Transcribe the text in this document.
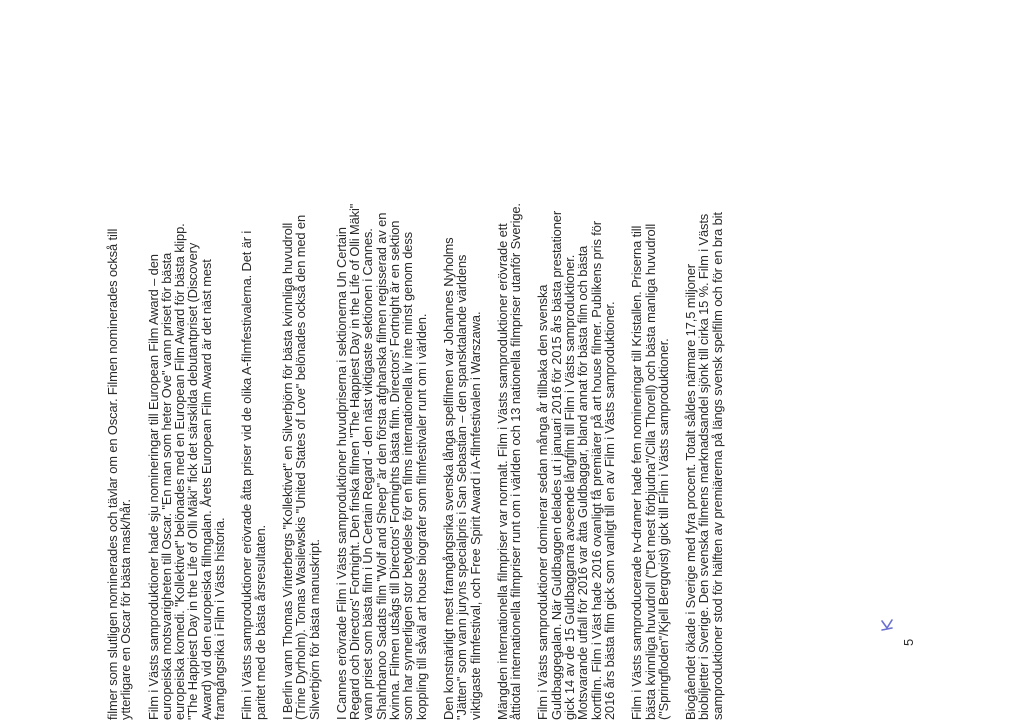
filmer som slutligen nominerades och tävlar om en Oscar. Filmen nominerades också till
ytterligare en Oscar för bästa mask/hår.

Film i Västs samproduktioner hade sju nomineringar till European Film Award – den
europeiska motsvarigheten till Oscar. "En man som heter Ove" vann priset för bästa
europeiska komedi. "Kollektivet" belönades med en European Film Award för bästa klipp.
"The Happiest Day in the Life of Olli Mäki" fick det särskilda debutantpriset (Discovery
Award) vid den europeiska fillmgalan. Årets European Film Award är det näst mest
framgångsrika i Film i Västs historia.

Film i Västs samproduktioner erövrade åtta priser vid de olika A-filmfestivalerna. Det är i
paritet med de bästa årsresultaten.

I Berlin vann Thomas Vinterbergs "Kollektivet" en Silverbjörn för bästa kvinnliga huvudroll
(Trine Dyrholm). Tomas Wasilewskis "United States of Love" belönades också den med en
Silverbjörn för bästa manuskript.

I Cannes erövrade Film i Västs samproduktioner huvudpriserna i sektionerna Un Certain
Regard och Directors' Fortnight. Den finska filmen "The Happiest Day in the Life of Olli Mäki"
vann priset som bästa film i Un Certain Regard - den näst viktigaste sektionen i Cannes.
Shahrbanoo Sadats film "Wolf and Sheep" är den första afghanska filmen regisserad av en
kvinna. Filmen utsågs till Directors' Fortnights bästa film. Directors' Fortnight är en sektion
som har synnerligen stor betydelse för en films internationella liv inte minst genom dess
koppling till såväl art house biografer som filmfestivaler runt om i världen.

Den konstnärligt mest framgångsrika svenska långa spelfilmen var Johannes Nyholms
"Jätten" som vann juryns specialpris i San Sebastian – den spansktalande världens
viktigaste filmfestival, och Free Spirit Award i A-filmfestivalen i Warszawa.

Mängden internationella filmpriser var normalt. Film i Västs samproduktioner erövrade ett
åttiotal internationella filmpriser runt om i världen och 13 nationella filmpriser utanför Sverige.

Film i Västs samproduktioner dominerar sedan många år tillbaka den svenska
Guldbaggegalan. När Guldbaggen delades ut i januari 2016 för 2015 års bästa prestationer
gick 14 av de 15 Guldbaggarna avseende långfilm till Film i Västs samproduktioner.
Motsvarande utfall för 2016 var åtta Guldbaggar, bland annat för bästa film och bästa
kortfilm. Film i Väst hade 2016 ovanligt få premiärer på art house filmer. Publikens pris för
2016 års bästa film gick som vanligt till en av Film i Västs samproduktioner.

Film i Västs samproducerade tv-dramer hade fem nomineringar till Kristallen. Priserna till
bästa kvinnliga huvudroll ("Det mest förbjudna"/Cilla Thorell) och bästa manliga huvudroll
("Springfloden"/Kjell Bergqvist) gick till Film i Västs samproduktioner.

Biogåendet ökade i Sverige med fyra procent. Totalt såldes närmare 17,5 miljoner
biobiljetter i Sverige. Den svenska filmens marknadsandel sjönk till cirka 15 %. Film i Västs
samproduktioner stod för hälften av premiärerna på längs svensk spelfilm och för en bra bit

5
